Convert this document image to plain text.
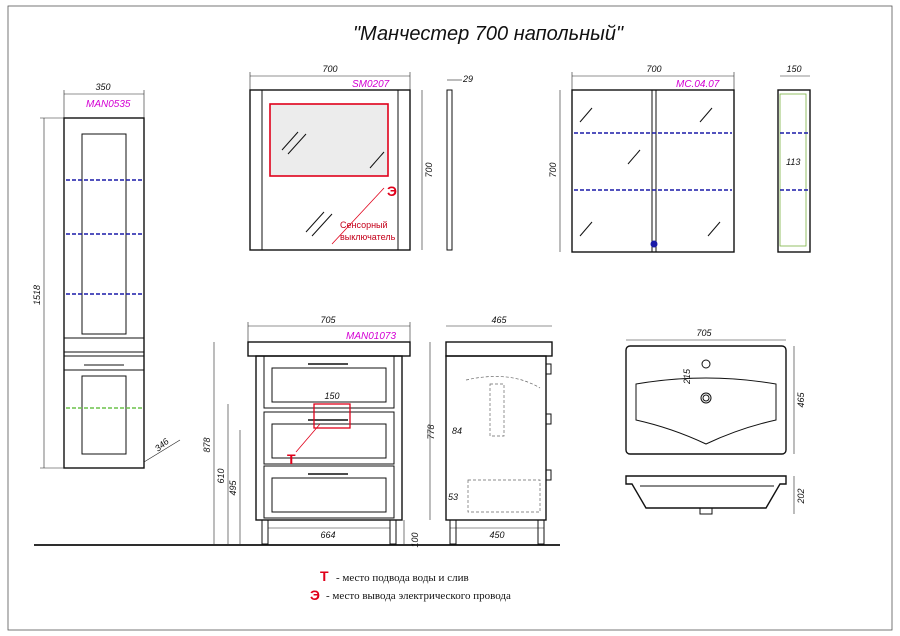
"Манчестер 700 напольный"
350
MAN0535
1518
346
700
SM0207
Э
Сенсорный
выключатель
700
29
700
MC.04.07
700
150
113
705
MAN01073
150
T
878
610
495
664	100
465
778 84
53
450
705
215
465
202
T - место подвода воды и слив
Э - место вывода электрического провода
